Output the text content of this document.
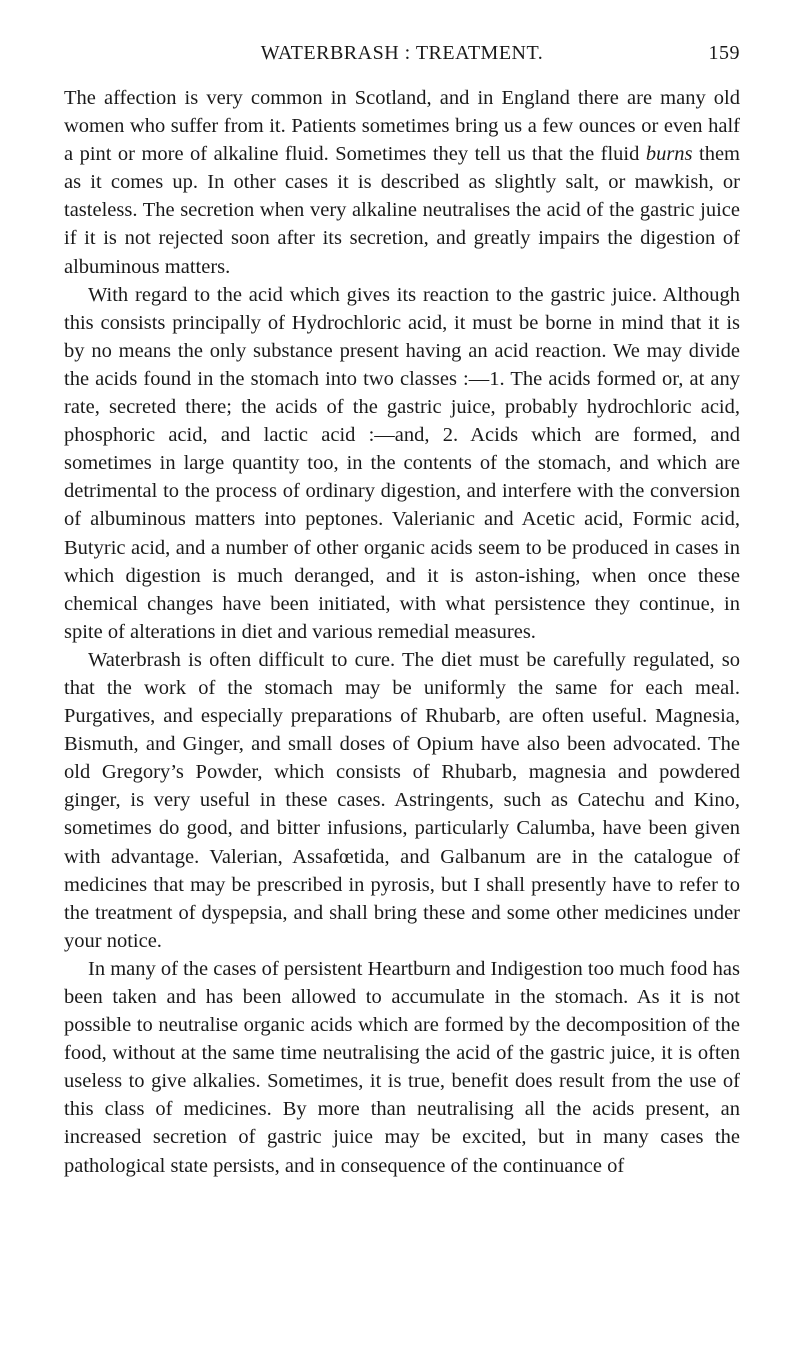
WATERBRASH : TREATMENT.	159

The affection is very common in Scotland, and in England there are many old women who suffer from it. Patients sometimes bring us a few ounces or even half a pint or more of alkaline fluid. Sometimes they tell us that the fluid burns them as it comes up. In other cases it is described as slightly salt, or mawkish, or tasteless. The secretion when very alkaline neutralises the acid of the gastric juice if it is not rejected soon after its secretion, and greatly impairs the digestion of albuminous matters.

With regard to the acid which gives its reaction to the gastric juice. Although this consists principally of Hydrochloric acid, it must be borne in mind that it is by no means the only substance present having an acid reaction. We may divide the acids found in the stomach into two classes :—1. The acids formed or, at any rate, secreted there; the acids of the gastric juice, probably hydrochloric acid, phosphoric acid, and lactic acid :—and, 2. Acids which are formed, and sometimes in large quantity too, in the contents of the stomach, and which are detrimental to the process of ordinary digestion, and interfere with the conversion of albuminous matters into peptones. Valerianic and Acetic acid, Formic acid, Butyric acid, and a number of other organic acids seem to be produced in cases in which digestion is much deranged, and it is aston-ishing, when once these chemical changes have been initiated, with what persistence they continue, in spite of alterations in diet and various remedial measures.

Waterbrash is often difficult to cure. The diet must be carefully regulated, so that the work of the stomach may be uniformly the same for each meal. Purgatives, and especially preparations of Rhubarb, are often useful. Magnesia, Bismuth, and Ginger, and small doses of Opium have also been advocated. The old Gregory’s Powder, which consists of Rhubarb, magnesia and powdered ginger, is very useful in these cases. Astringents, such as Catechu and Kino, sometimes do good, and bitter infusions, particularly Calumba, have been given with advantage. Valerian, Assafœtida, and Galbanum are in the catalogue of medicines that may be prescribed in pyrosis, but I shall presently have to refer to the treatment of dyspepsia, and shall bring these and some other medicines under your notice.

In many of the cases of persistent Heartburn and Indigestion too much food has been taken and has been allowed to accumulate in the stomach. As it is not possible to neutralise organic acids which are formed by the decomposition of the food, without at the same time neutralising the acid of the gastric juice, it is often useless to give alkalies. Sometimes, it is true, benefit does result from the use of this class of medicines. By more than neutralising all the acids present, an increased secretion of gastric juice may be excited, but in many cases the pathological state persists, and in consequence of the continuance of
